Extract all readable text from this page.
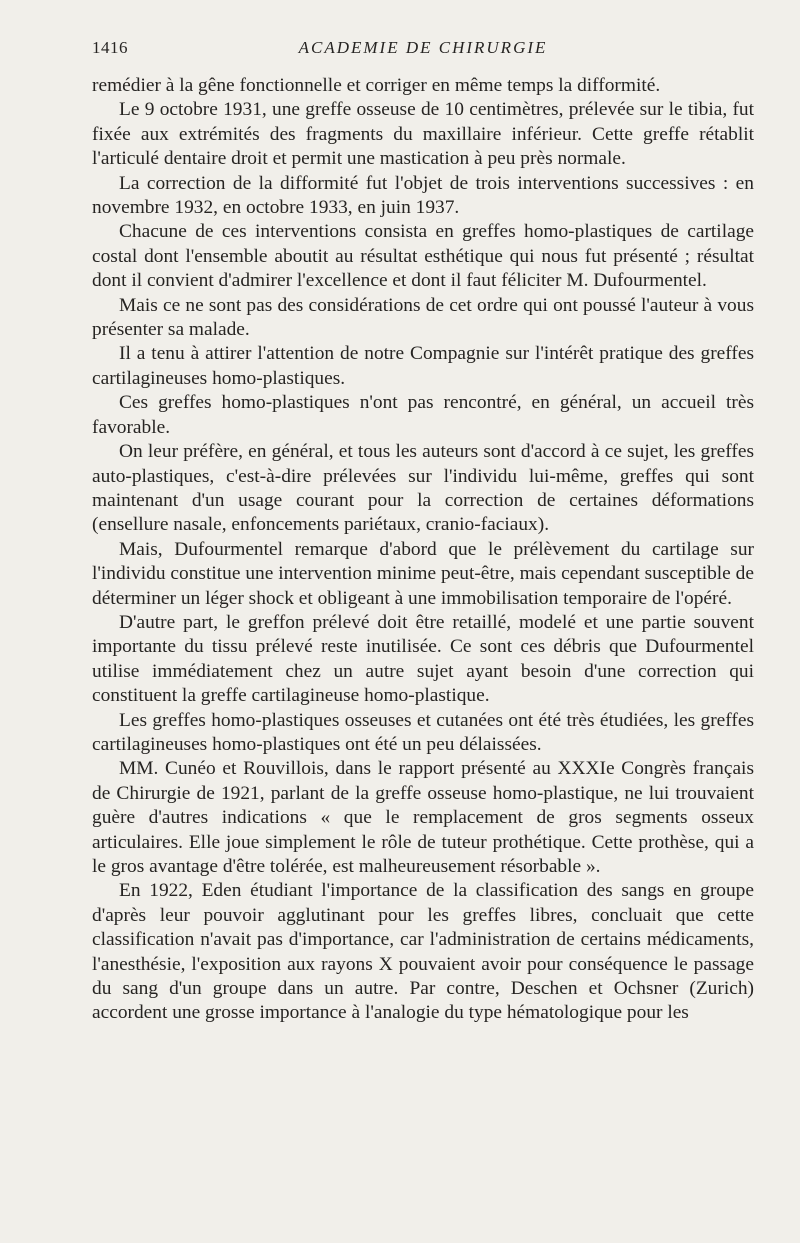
1416	ACADEMIE DE CHIRURGIE

remédier à la gêne fonctionnelle et corriger en même temps la difformité.

Le 9 octobre 1931, une greffe osseuse de 10 centimètres, prélevée sur le tibia, fut fixée aux extrémités des fragments du maxillaire inférieur. Cette greffe rétablit l'articulé dentaire droit et permit une mastication à peu près normale.

La correction de la difformité fut l'objet de trois interventions successives : en novembre 1932, en octobre 1933, en juin 1937.

Chacune de ces interventions consista en greffes homo-plastiques de cartilage costal dont l'ensemble aboutit au résultat esthétique qui nous fut présenté ; résultat dont il convient d'admirer l'excellence et dont il faut féliciter M. Dufourmentel.

Mais ce ne sont pas des considérations de cet ordre qui ont poussé l'auteur à vous présenter sa malade.

Il a tenu à attirer l'attention de notre Compagnie sur l'intérêt pratique des greffes cartilagineuses homo-plastiques.

Ces greffes homo-plastiques n'ont pas rencontré, en général, un accueil très favorable.

On leur préfère, en général, et tous les auteurs sont d'accord à ce sujet, les greffes auto-plastiques, c'est-à-dire prélevées sur l'individu lui-même, greffes qui sont maintenant d'un usage courant pour la correction de certaines déformations (ensellure nasale, enfoncements pariétaux, cranio-faciaux).

Mais, Dufourmentel remarque d'abord que le prélèvement du cartilage sur l'individu constitue une intervention minime peut-être, mais cependant susceptible de déterminer un léger shock et obligeant à une immobilisation temporaire de l'opéré.

D'autre part, le greffon prélevé doit être retaillé, modelé et une partie souvent importante du tissu prélevé reste inutilisée. Ce sont ces débris que Dufourmentel utilise immédiatement chez un autre sujet ayant besoin d'une correction qui constituent la greffe cartilagineuse homo-plastique.

Les greffes homo-plastiques osseuses et cutanées ont été très étudiées, les greffes cartilagineuses homo-plastiques ont été un peu délaissées.

MM. Cunéo et Rouvillois, dans le rapport présenté au XXXIe Congrès français de Chirurgie de 1921, parlant de la greffe osseuse homo-plastique, ne lui trouvaient guère d'autres indications « que le remplacement de gros segments osseux articulaires. Elle joue simplement le rôle de tuteur prothétique. Cette prothèse, qui a le gros avantage d'être tolérée, est malheureusement résorbable ».

En 1922, Eden étudiant l'importance de la classification des sangs en groupe d'après leur pouvoir agglutinant pour les greffes libres, concluait que cette classification n'avait pas d'importance, car l'administration de certains médicaments, l'anesthésie, l'exposition aux rayons X pouvaient avoir pour conséquence le passage du sang d'un groupe dans un autre. Par contre, Deschen et Ochsner (Zurich) accordent une grosse importance à l'analogie du type hématologique pour les
